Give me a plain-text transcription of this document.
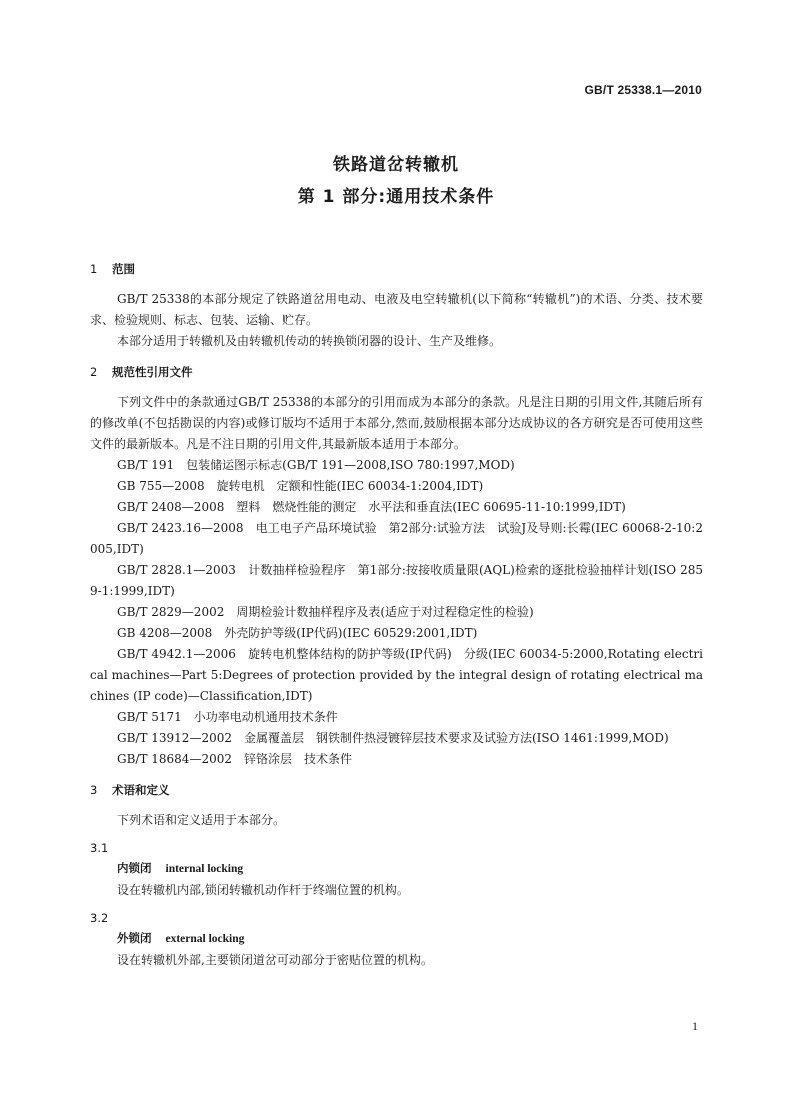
GB/T 25338.1—2010
铁路道岔转辙机
第 1 部分:通用技术条件

1 范围

GB/T 25338的本部分规定了铁路道岔用电动、电液及电空转辙机(以下简称“转辙机”)的术语、分类、技术要求、检验规则、标志、包装、运输、贮存。

本部分适用于转辙机及由转辙机传动的转换锁闭器的设计、生产及维修。

2 规范性引用文件

下列文件中的条款通过GB/T 25338的本部分的引用而成为本部分的条款。凡是注日期的引用文件,其随后所有的修改单(不包括勘误的内容)或修订版均不适用于本部分,然而,鼓励根据本部分达成协议的各方研究是否可使用这些文件的最新版本。凡是不注日期的引用文件,其最新版本适用于本部分。

GB/T 191　包装储运图示标志(GB/T 191—2008,ISO 780:1997,MOD)

GB 755—2008　旋转电机　定额和性能(IEC 60034-1:2004,IDT)

GB/T 2408—2008　塑料　燃烧性能的测定　水平法和垂直法(IEC 60695-11-10:1999,IDT)

GB/T 2423.16—2008　电工电子产品环境试验　第2部分:试验方法　试验J及导则:长霉(IEC 60068-2-10:2005,IDT)

GB/T 2828.1—2003　计数抽样检验程序　第1部分:按接收质量限(AQL)检索的逐批检验抽样计划(ISO 2859-1:1999,IDT)

GB/T 2829—2002　周期检验计数抽样程序及表(适应于对过程稳定性的检验)

GB 4208—2008　外壳防护等级(IP代码)(IEC 60529:2001,IDT)

GB/T 4942.1—2006　旋转电机整体结构的防护等级(IP代码)　分级(IEC 60034-5:2000,Rotating electrical machines—Part 5:Degrees of protection provided by the integral design of rotating electrical machines (IP code)—Classification,IDT)

GB/T 5171　小功率电动机通用技术条件

GB/T 13912—2002　金属覆盖层　钢铁制件热浸镀锌层技术要求及试验方法(ISO 1461:1999,MOD)

GB/T 18684—2002　锌铬涂层　技术条件

3 术语和定义

下列术语和定义适用于本部分。

3.1

内锁闭 internal locking

设在转辙机内部,锁闭转辙机动作杆于终端位置的机构。

3.2

外锁闭 external locking

设在转辙机外部,主要锁闭道岔可动部分于密贴位置的机构。

1
